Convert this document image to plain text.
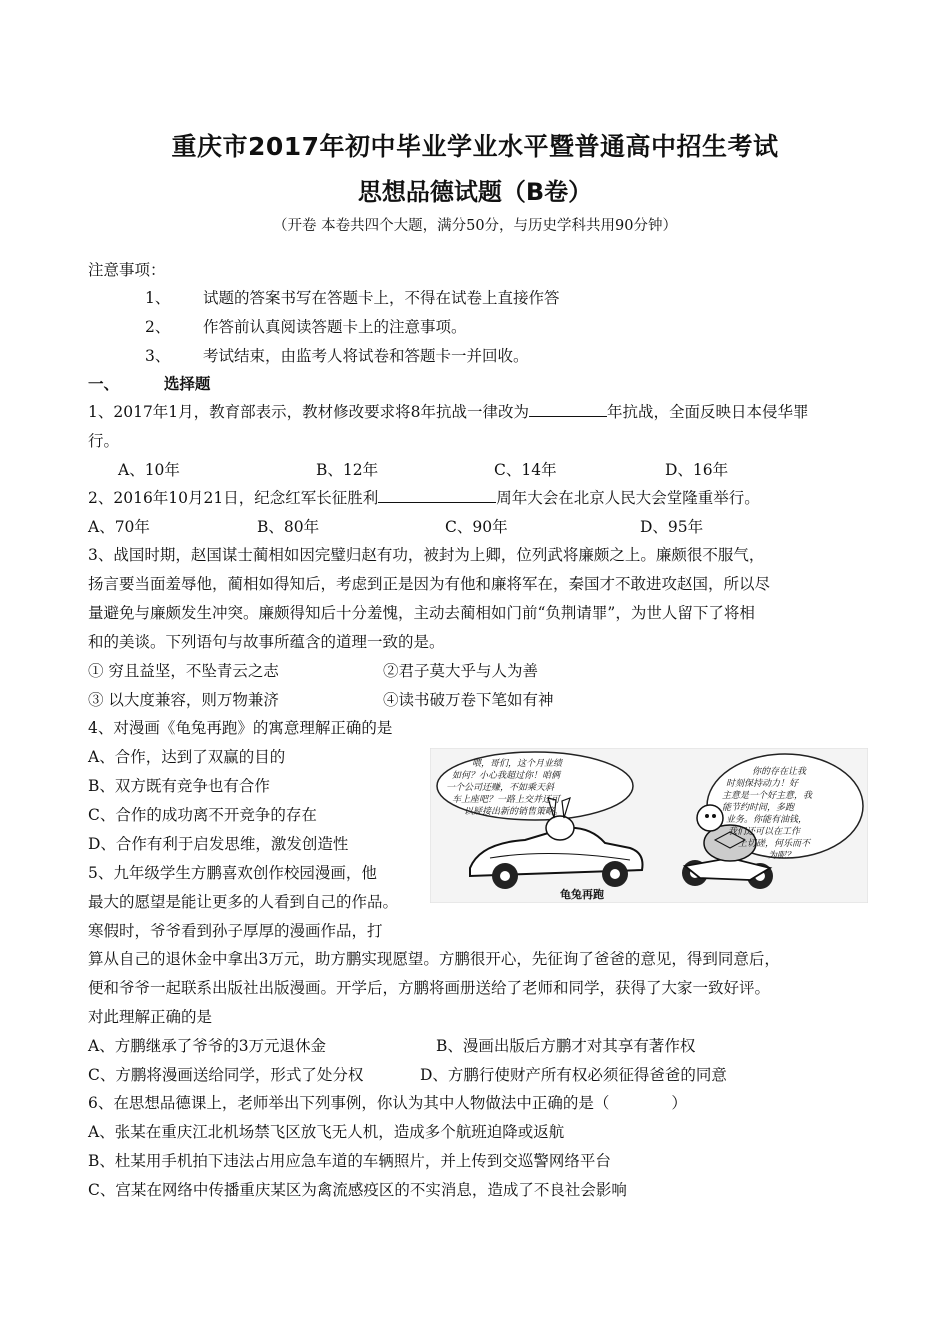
重庆市2017年初中毕业学业水平暨普通高中招生考试
思想品德试题（B卷）
（开卷 本卷共四个大题，满分50分，与历史学科共用90分钟）
注意事项：
1、 试题的答案书写在答题卡上，不得在试卷上直接作答
2、 作答前认真阅读答题卡上的注意事项。
3、 考试结束，由监考人将试卷和答题卡一并回收。
一、	选择题
1、2017年1月，教育部表示，教材修改要求将8年抗战一律改为	年抗战，全面反映日本侵华罪
行。
A、10年	B、12年	C、14年	D、16年
2、2016年10月21日，纪念红军长征胜利	周年大会在北京人民大会堂隆重举行。
A、70年	B、80年	C、90年	D、95年
3、战国时期，赵国谋士蔺相如因完璧归赵有功，被封为上卿，位列武将廉颇之上。廉颇很不服气，
扬言要当面羞辱他，蔺相如得知后，考虑到正是因为有他和廉将军在，秦国才不敢进攻赵国，所以尽
量避免与廉颇发生冲突。廉颇得知后十分羞愧，主动去蔺相如门前“负荆请罪”，为世人留下了将相
和的美谈。下列语句与故事所蕴含的道理一致的是。
① 穷且益坚，不坠青云之志	②君子莫大乎与人为善
③ 以大度兼容，则万物兼济	④读书破万卷下笔如有神
4、对漫画《龟兔再跑》的寓意理解正确的是
A、合作，达到了双赢的目的
B、双方既有竞争也有合作
C、合作的成功离不开竞争的存在
D、合作有利于启发思维，激发创造性
龟兔再跑
喂，哥们，这个月业绩
如何？小心我超过你！咱俩
一个公司还赚，不如乘天斜
车上座吧？一路上交并还可
以疑接出新的销售策略。
你的存在让我
时刻保持动力！好
主意是一个好主意，我
能节约时间，多跑
业务。你能有油钱，
我们还可以在工作
上切磋，何乐而不
为呢？
5、九年级学生方鹏喜欢创作校园漫画，他
最大的愿望是能让更多的人看到自己的作品。
寒假时，爷爷看到孙子厚厚的漫画作品，打
算从自己的退休金中拿出3万元，助方鹏实现愿望。方鹏很开心，先征询了爸爸的意见，得到同意后，
便和爷爷一起联系出版社出版漫画。开学后，方鹏将画册送给了老师和同学，获得了大家一致好评。
对此理解正确的是
A、方鹏继承了爷爷的3万元退休金	B、漫画出版后方鹏才对其享有著作权
C、方鹏将漫画送给同学，形式了处分权	D、方鹏行使财产所有权必须征得爸爸的同意
6、在思想品德课上，老师举出下列事例，你认为其中人物做法中正确的是（	）
A、张某在重庆江北机场禁飞区放飞无人机，造成多个航班迫降或返航
B、杜某用手机拍下违法占用应急车道的车辆照片，并上传到交巡警网络平台
C、宫某在网络中传播重庆某区为禽流感疫区的不实消息，造成了不良社会影响
